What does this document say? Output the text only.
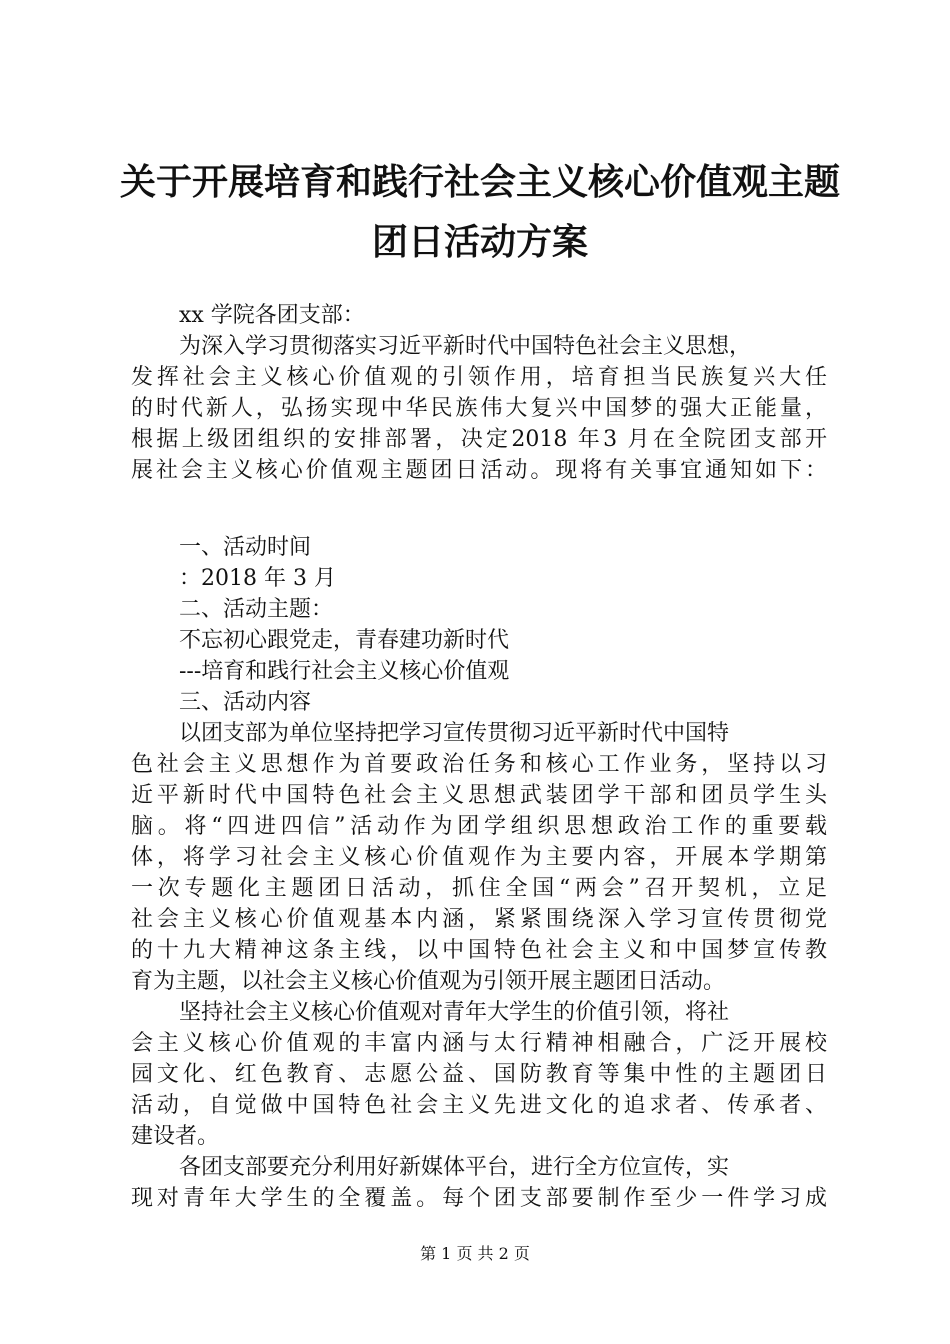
关于开展培育和践行社会主义核心价值观主题
团日活动方案
xx 学院各团支部：
为深入学习贯彻落实习近平新时代中国特色社会主义思想，
发挥社会主义核心价值观的引领作用，培育担当民族复兴大任
的时代新人，弘扬实现中华民族伟大复兴中国梦的强大正能量，
根据上级团组织的安排部署，决定2018 年3 月在全院团支部开
展社会主义核心价值观主题团日活动。现将有关事宜通知如下：
一、活动时间
：2018 年 3 月
二、活动主题：
不忘初心跟党走，青春建功新时代
---培育和践行社会主义核心价值观
三、活动内容
以团支部为单位坚持把学习宣传贯彻习近平新时代中国特
色社会主义思想作为首要政治任务和核心工作业务，坚持以习
近平新时代中国特色社会主义思想武装团学干部和团员学生头
脑。将“四进四信”活动作为团学组织思想政治工作的重要载
体，将学习社会主义核心价值观作为主要内容，开展本学期第
一次专题化主题团日活动，抓住全国“两会”召开契机，立足
社会主义核心价值观基本内涵，紧紧围绕深入学习宣传贯彻党
的十九大精神这条主线，以中国特色社会主义和中国梦宣传教
育为主题，以社会主义核心价值观为引领开展主题团日活动。
坚持社会主义核心价值观对青年大学生的价值引领，将社
会主义核心价值观的丰富内涵与太行精神相融合，广泛开展校
园文化、红色教育、志愿公益、国防教育等集中性的主题团日
活动，自觉做中国特色社会主义先进文化的追求者、传承者、
建设者。
各团支部要充分利用好新媒体平台，进行全方位宣传，实
现对青年大学生的全覆盖。每个团支部要制作至少一件学习成
第 1 页 共 2 页
